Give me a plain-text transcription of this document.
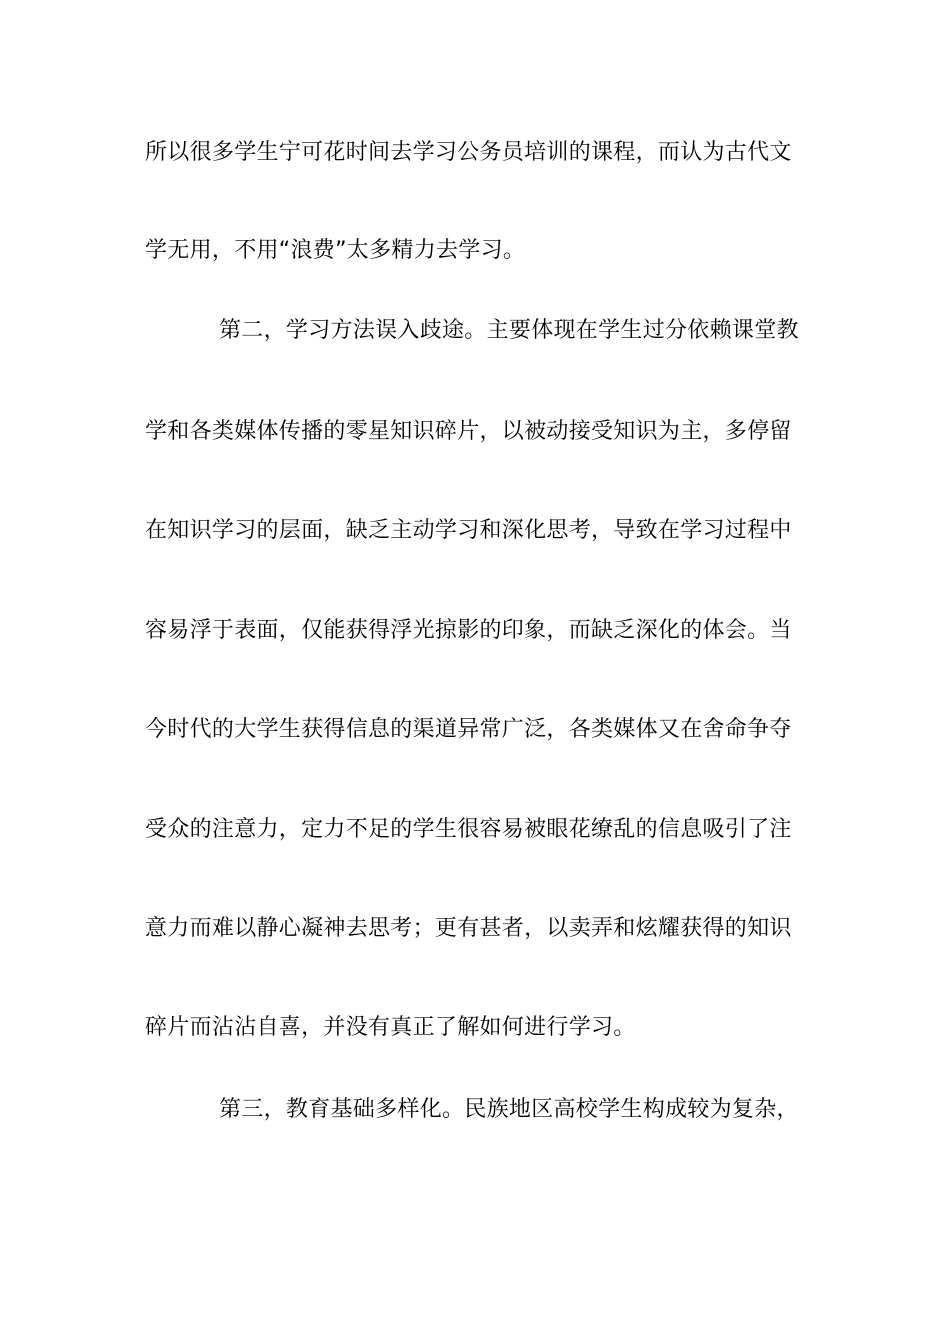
所以很多学生宁可花时间去学习公务员培训的课程，而认为古代文
学无用，不用“浪费”太多精力去学习。
第二，学习方法误入歧途。主要体现在学生过分依赖课堂教
学和各类媒体传播的零星知识碎片，以被动接受知识为主，多停留
在知识学习的层面，缺乏主动学习和深化思考，导致在学习过程中
容易浮于表面，仅能获得浮光掠影的印象，而缺乏深化的体会。当
今时代的大学生获得信息的渠道异常广泛，各类媒体又在舍命争夺
受众的注意力，定力不足的学生很容易被眼花缭乱的信息吸引了注
意力而难以静心凝神去思考；更有甚者，以卖弄和炫耀获得的知识
碎片而沾沾自喜，并没有真正了解如何进行学习。
第三，教育基础多样化。民族地区高校学生构成较为复杂，
